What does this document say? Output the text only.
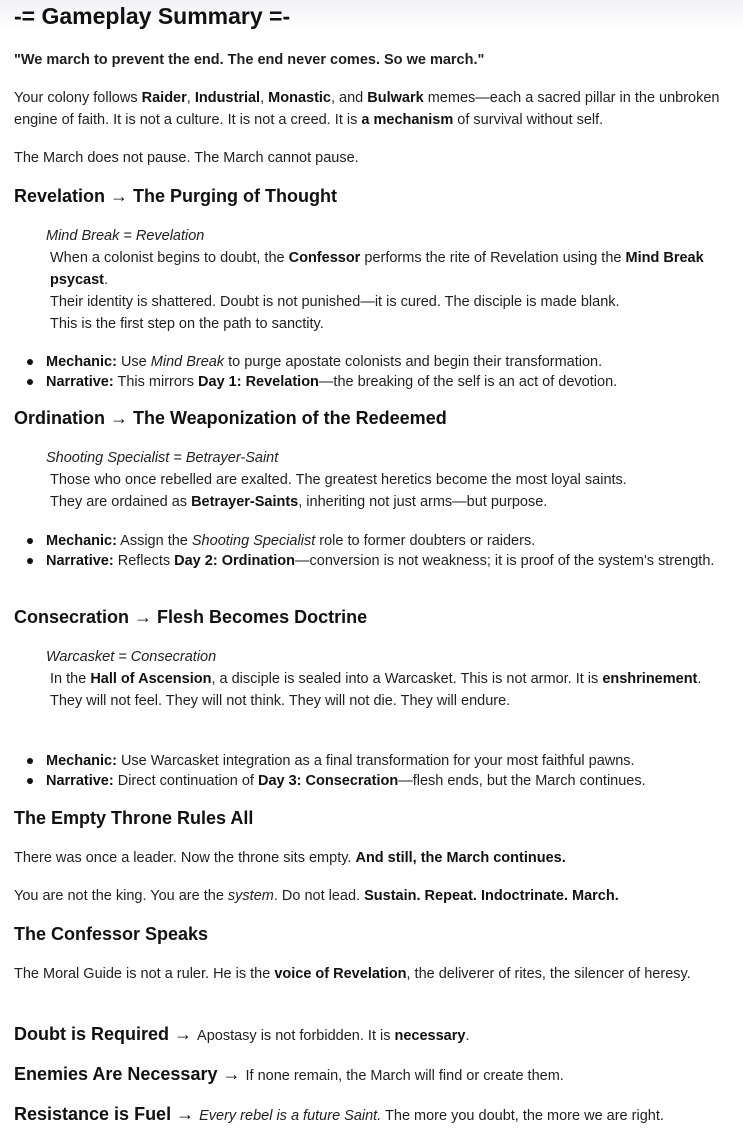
-= Gameplay Summary =-

"We march to prevent the end. The end never comes. So we march."

Your colony follows Raider, Industrial, Monastic, and Bulwark memes—each a sacred pillar in the unbroken engine of faith. It is not a culture. It is not a creed. It is a mechanism of survival without self.

The March does not pause. The March cannot pause.

Revelation → The Purging of Thought
Mind Break = Revelation
When a colonist begins to doubt, the Confessor performs the rite of Revelation using the Mind Break psycast.
Their identity is shattered. Doubt is not punished—it is cured. The disciple is made blank.
This is the first step on the path to sanctity.
Mechanic: Use Mind Break to purge apostate colonists and begin their transformation.
Narrative: This mirrors Day 1: Revelation—the breaking of the self is an act of devotion.
Ordination → The Weaponization of the Redeemed
Shooting Specialist = Betrayer-Saint
Those who once rebelled are exalted. The greatest heretics become the most loyal saints.
They are ordained as Betrayer-Saints, inheriting not just arms—but purpose.
Mechanic: Assign the Shooting Specialist role to former doubters or raiders.
Narrative: Reflects Day 2: Ordination—conversion is not weakness; it is proof of the system's strength.
Consecration → Flesh Becomes Doctrine
Warcasket = Consecration
In the Hall of Ascension, a disciple is sealed into a Warcasket. This is not armor. It is enshrinement.
They will not feel. They will not think. They will not die. They will endure.
Mechanic: Use Warcasket integration as a final transformation for your most faithful pawns.
Narrative: Direct continuation of Day 3: Consecration—flesh ends, but the March continues.
The Empty Throne Rules All

There was once a leader. Now the throne sits empty. And still, the March continues.

You are not the king. You are the system. Do not lead. Sustain. Repeat. Indoctrinate. March.

The Confessor Speaks

The Moral Guide is not a ruler. He is the voice of Revelation, the deliverer of rites, the silencer of heresy.

Doubt is Required → Apostasy is not forbidden. It is necessary.
Enemies Are Necessary → If none remain, the March will find or create them.
Resistance is Fuel → Every rebel is a future Saint. The more you doubt, the more we are right.
